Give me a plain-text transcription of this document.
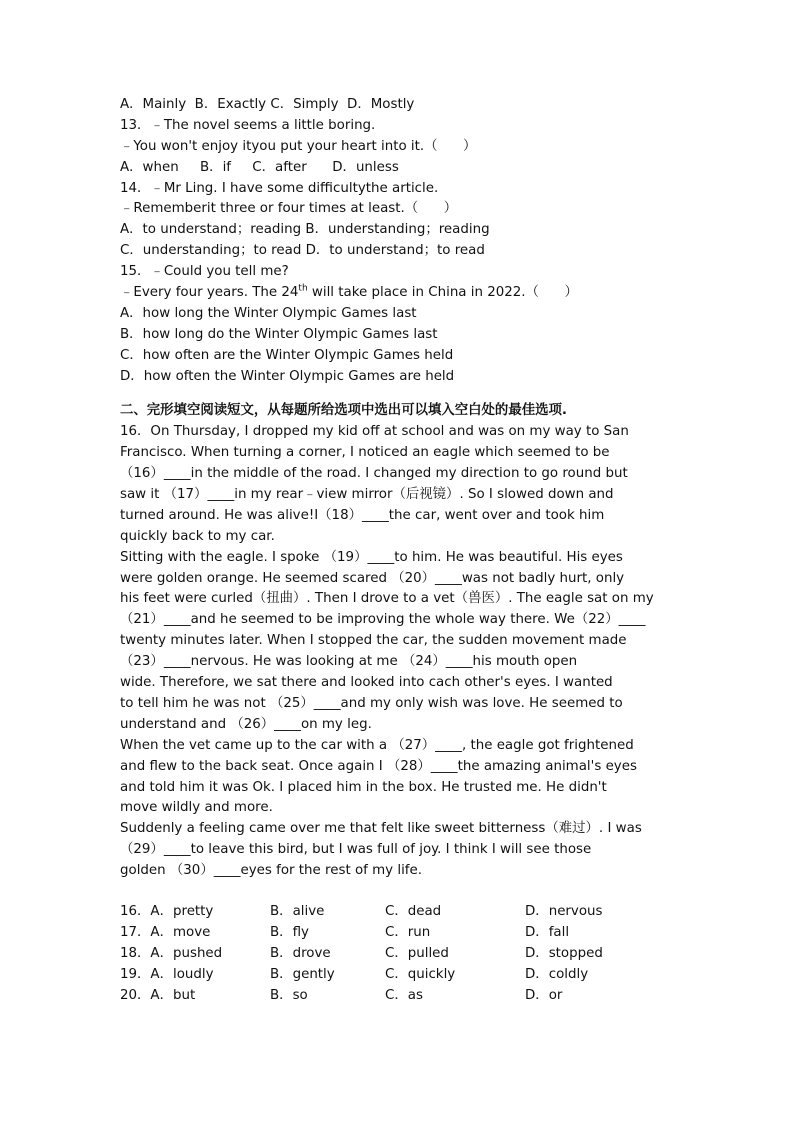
A．Mainly  B．Exactly C．Simply  D．Mostly
13．﹣The novel seems a little boring.
﹣You won't enjoy ityou put your heart into it.（      ）
A．when     B．if     C．after      D．unless
14．﹣Mr Ling. I have some difficultythe article.
﹣Rememberit three or four times at least.（      ）
A．to understand；reading B．understanding；reading
C．understanding；to read D．to understand；to read
15．﹣Could you tell me?
﹣Every four years. The 24th will take place in China in 2022.（      ）
A．how long the Winter Olympic Games last
B．how long do the Winter Olympic Games last
C．how often are the Winter Olympic Games held
D．how often the Winter Olympic Games are held
二、完形填空阅读短文，从每题所给选项中选出可以填入空白处的最佳选项.
16．On Thursday, I dropped my kid off at school and was on my way to San
Francisco. When turning a corner, I noticed an eagle which seemed to be
（16）____in the middle of the road. I changed my direction to go round but
saw it （17）____in my rear﹣view mirror（后视镜）. So I slowed down and
turned around. He was alive!I（18）____the car, went over and took him
quickly back to my car.
Sitting with the eagle. I spoke （19）____to him. He was beautiful. His eyes
were golden orange. He seemed scared （20）____was not badly hurt, only
his feet were curled（扭曲）. Then I drove to a vet（兽医）. The eagle sat on my
（21）____and he seemed to be improving the whole way there. We（22）____
twenty minutes later. When I stopped the car, the sudden movement made
（23）____nervous. He was looking at me （24）____his mouth open
wide. Therefore, we sat there and looked into cach other's eyes. I wanted
to tell him he was not （25）____and my only wish was love. He seemed to
understand and （26）____on my leg.
When the vet came up to the car with a （27）____, the eagle got frightened
and flew to the back seat. Once again I （28）____the amazing animal's eyes
and told him it was Ok. I placed him in the box. He trusted me. He didn't
move wildly and more.
Suddenly a feeling came over me that felt like sweet bitterness（难过）. I was
（29）____to leave this bird, but I was full of joy. I think I will see those
golden （30）____eyes for the rest of my life.

16．A．pretty

	B．alive

	C．dead

	D．nervous

17．A．move

	B．fly

	C．run

	D．fall

18．A．pushed

	B．drove

	C．pulled

	D．stopped

19．A．loudly

	B．gently

	C．quickly

	D．coldly

20．A．but

	B．so

	C．as

	D．or
